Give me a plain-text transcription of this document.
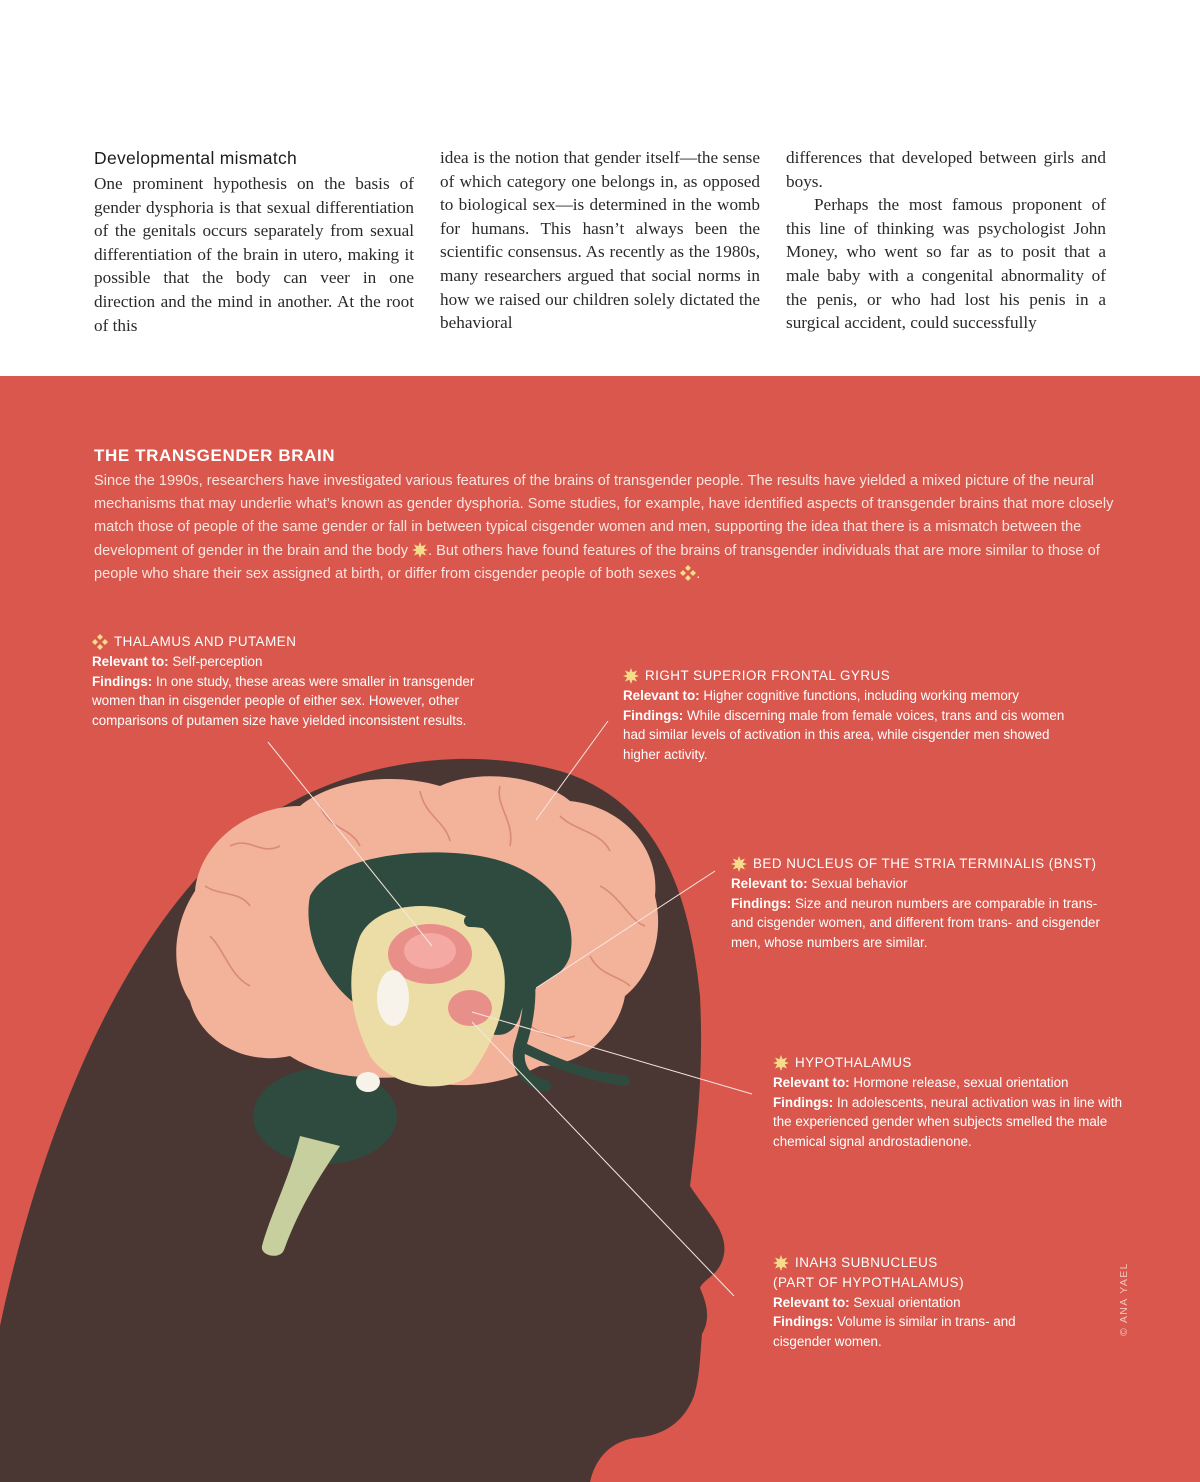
Developmental mismatch

One prominent hypothesis on the basis of gender dysphoria is that sexual differentiation of the genitals occurs separately from sexual differentiation of the brain in utero, making it possible that the body can veer in one direction and the mind in another. At the root of this

idea is the notion that gender itself—the sense of which category one belongs in, as opposed to biological sex—is determined in the womb for humans. This hasn’t always been the scientific consensus. As recently as the 1980s, many researchers argued that social norms in how we raised our children solely dictated the behavioral

differences that developed between girls and boys.

Perhaps the most famous proponent of this line of thinking was psychologist John Money, who went so far as to posit that a male baby with a congenital abnormality of the penis, or who had lost his penis in a surgical accident, could successfully

THE TRANSGENDER BRAIN
Since the 1990s, researchers have investigated various features of the brains of transgender people. The results have yielded a mixed picture of the neural mechanisms that may underlie what’s known as gender dysphoria. Some studies, for example, have identified aspects of transgender brains that more closely match those of people of the same gender or fall in between typical cisgender women and men, supporting the idea that there is a mismatch between the development of gender in the brain and the body . But others have found features of the brains of transgender individuals that are more similar to those of people who share their sex assigned at birth, or differ from cisgender people of both sexes .
THALAMUS AND PUTAMEN
Relevant to: Self-perception
Findings: In one study, these areas were smaller in transgender women than in cisgender people of either sex. However, other comparisons of putamen size have yielded inconsistent results.
RIGHT SUPERIOR FRONTAL GYRUS
Relevant to: Higher cognitive functions, including working memory
Findings: While discerning male from female voices, trans and cis women had similar levels of activation in this area, while cisgender men showed higher activity.
BED NUCLEUS OF THE STRIA TERMINALIS (BNST)
Relevant to: Sexual behavior
Findings: Size and neuron numbers are comparable in trans- and cisgender women, and different from trans- and cisgender men, whose numbers are similar.
HYPOTHALAMUS
Relevant to: Hormone release, sexual orientation
Findings: In adolescents, neural activation was in line with the experienced gender when subjects smelled the male chemical signal androstadienone.
INAH3 SUBNUCLEUS
(PART OF HYPOTHALAMUS)
Relevant to: Sexual orientation
Findings: Volume is similar in trans- and cisgender women.
© ANA YAEL
